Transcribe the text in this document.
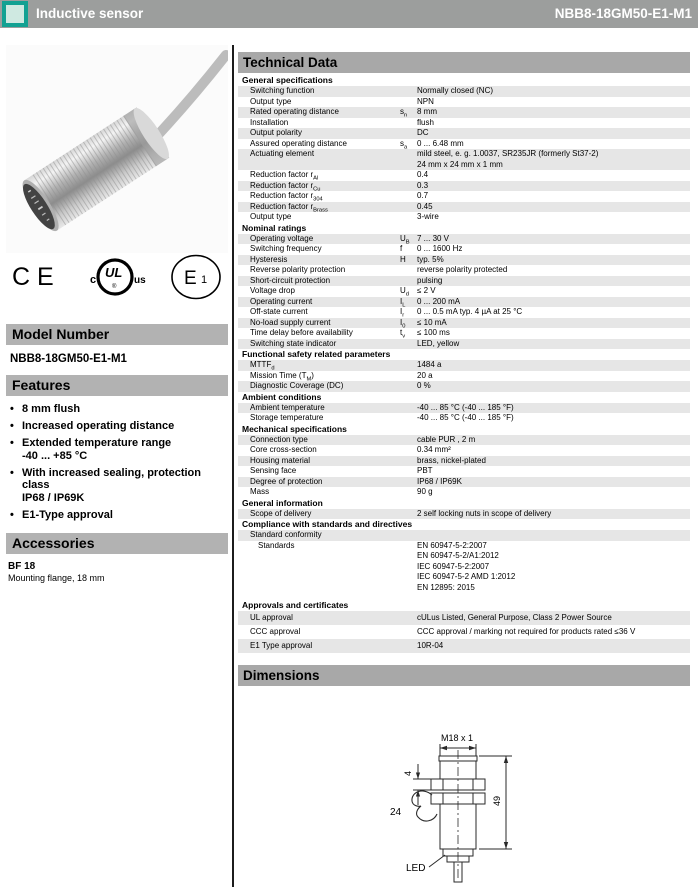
Inductive sensor	NBB8-18GM50-E1-M1
CE	c UL
®
us E 1
Model Number
NBB8-18GM50-E1-M1
Features
• 8 mm flush
• Increased operating distance
• Extended temperature range
-40 ... +85 °C
• With increased sealing, protection
class
IP68 / IP69K
• E1-Type approval
Accessories
BF 18
Mounting flange, 18 mm
Technical Data
General specifications
Switching function	Normally closed (NC)
Output type	NPN
Rated operating distance	$s_n$	8 mm
Installation	flush
Output polarity	DC
Assured operating distance	$s_a$	0 ... 6.48 mm
Actuating element	mild steel, e. g. 1.0037, SR235JR (formerly St37-2)
24 mm x 24 mm x 1 mm
Reduction factor $r_{Al}$	0.4
Reduction factor $r_{Cu}$	0.3
Reduction factor $r_{304}$	0.7
Reduction factor $r_{Brass}$	0.45
Output type	3-wire
Nominal ratings
Operating voltage	$U_B$ 7 ... 30 V
Switching frequency	f	0 ... 1600 Hz
Hysteresis	H	typ. 5%
Reverse polarity protection	reverse polarity protected
Short-circuit protection	pulsing
Voltage drop	$U_d$	≤ 2 V
Operating current	$I_L$	0 ... 200 mA
Off-state current	$I_r$	0 ... 0.5 mA typ. 4 µA at 25 °C
No-load supply current	$I_0$	≤ 10 mA
Time delay before availability	$t_v$	≤ 100 ms
Switching state indicator	LED, yellow
Functional safety related parameters
$MTTF_d$	1484 a
Mission Time $(T_M)$	20 a
Diagnostic Coverage (DC)	0 %
Ambient conditions
Ambient temperature	-40 ... 85 °C (-40 ... 185 °F)
Storage temperature	-40 ... 85 °C (-40 ... 185 °F)
Mechanical specifications
Connection type	cable PUR , 2 m
Core cross-section	0.34 mm²
Housing material	brass, nickel-plated
Sensing face	PBT
Degree of protection	IP68 / IP69K
Mass	90 g
General information
Scope of delivery	2 self locking nuts in scope of delivery
Compliance with standards and directives
Standard conformity
Standards	EN 60947-5-2:2007
EN 60947-5-2/A1:2012
IEC 60947-5-2:2007
IEC 60947-5-2 AMD 1:2012
EN 12895: 2015
Approvals and certificates
UL approval	cULus Listed, General Purpose, Class 2 Power Source
CCC approval	CCC approval / marking not required for products rated ≤36 V
E1 Type approval	10R-04
Dimensions
M18 x 1
49
4
24
LED
